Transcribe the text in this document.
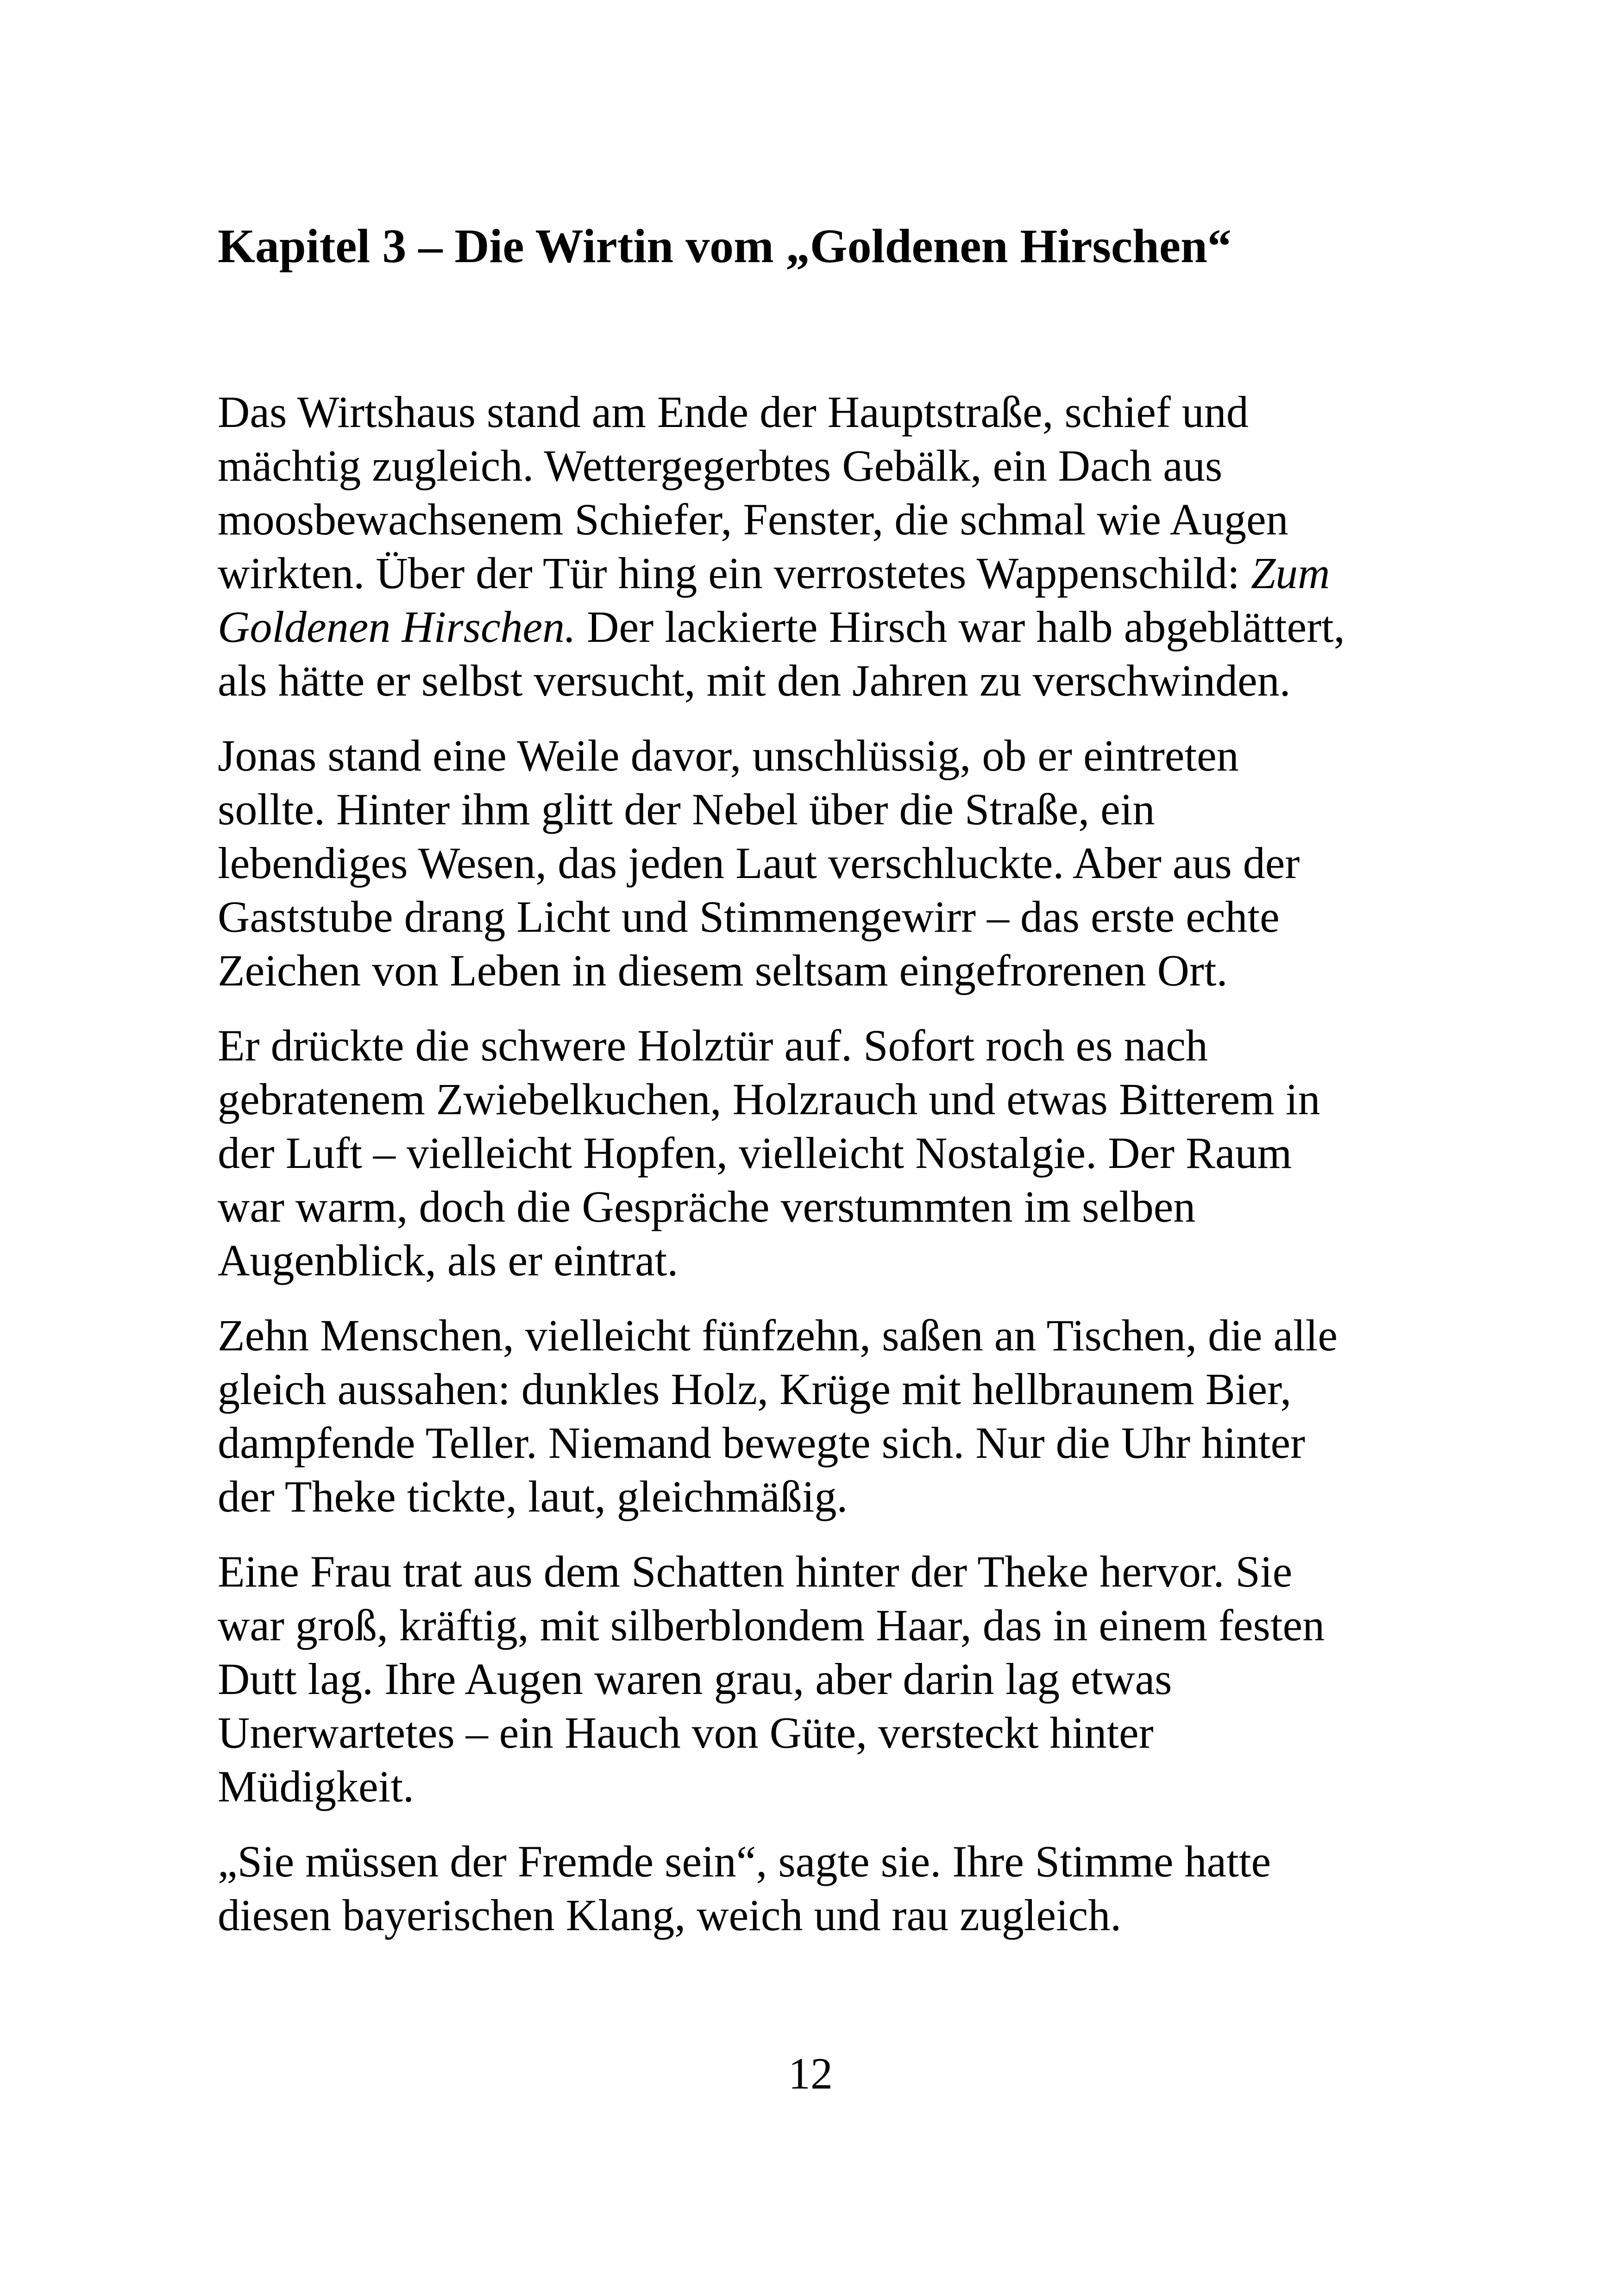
Kapitel 3 – Die Wirtin vom „Goldenen Hirschen“

Das Wirtshaus stand am Ende der Hauptstraße, schief und
mächtig zugleich. Wettergegerbtes Gebälk, ein Dach aus
moosbewachsenem Schiefer, Fenster, die schmal wie Augen
wirkten. Über der Tür hing ein verrostetes Wappenschild: Zum
Goldenen Hirschen. Der lackierte Hirsch war halb abgeblättert,
als hätte er selbst versucht, mit den Jahren zu verschwinden.

Jonas stand eine Weile davor, unschlüssig, ob er eintreten
sollte. Hinter ihm glitt der Nebel über die Straße, ein
lebendiges Wesen, das jeden Laut verschluckte. Aber aus der
Gaststube drang Licht und Stimmengewirr – das erste echte
Zeichen von Leben in diesem seltsam eingefrorenen Ort.

Er drückte die schwere Holztür auf. Sofort roch es nach
gebratenem Zwiebelkuchen, Holzrauch und etwas Bitterem in
der Luft – vielleicht Hopfen, vielleicht Nostalgie. Der Raum
war warm, doch die Gespräche verstummten im selben
Augenblick, als er eintrat.

Zehn Menschen, vielleicht fünfzehn, saßen an Tischen, die alle
gleich aussahen: dunkles Holz, Krüge mit hellbraunem Bier,
dampfende Teller. Niemand bewegte sich. Nur die Uhr hinter
der Theke tickte, laut, gleichmäßig.

Eine Frau trat aus dem Schatten hinter der Theke hervor. Sie
war groß, kräftig, mit silberblondem Haar, das in einem festen
Dutt lag. Ihre Augen waren grau, aber darin lag etwas
Unerwartetes – ein Hauch von Güte, versteckt hinter
Müdigkeit.

„Sie müssen der Fremde sein“, sagte sie. Ihre Stimme hatte
diesen bayerischen Klang, weich und rau zugleich.

12
